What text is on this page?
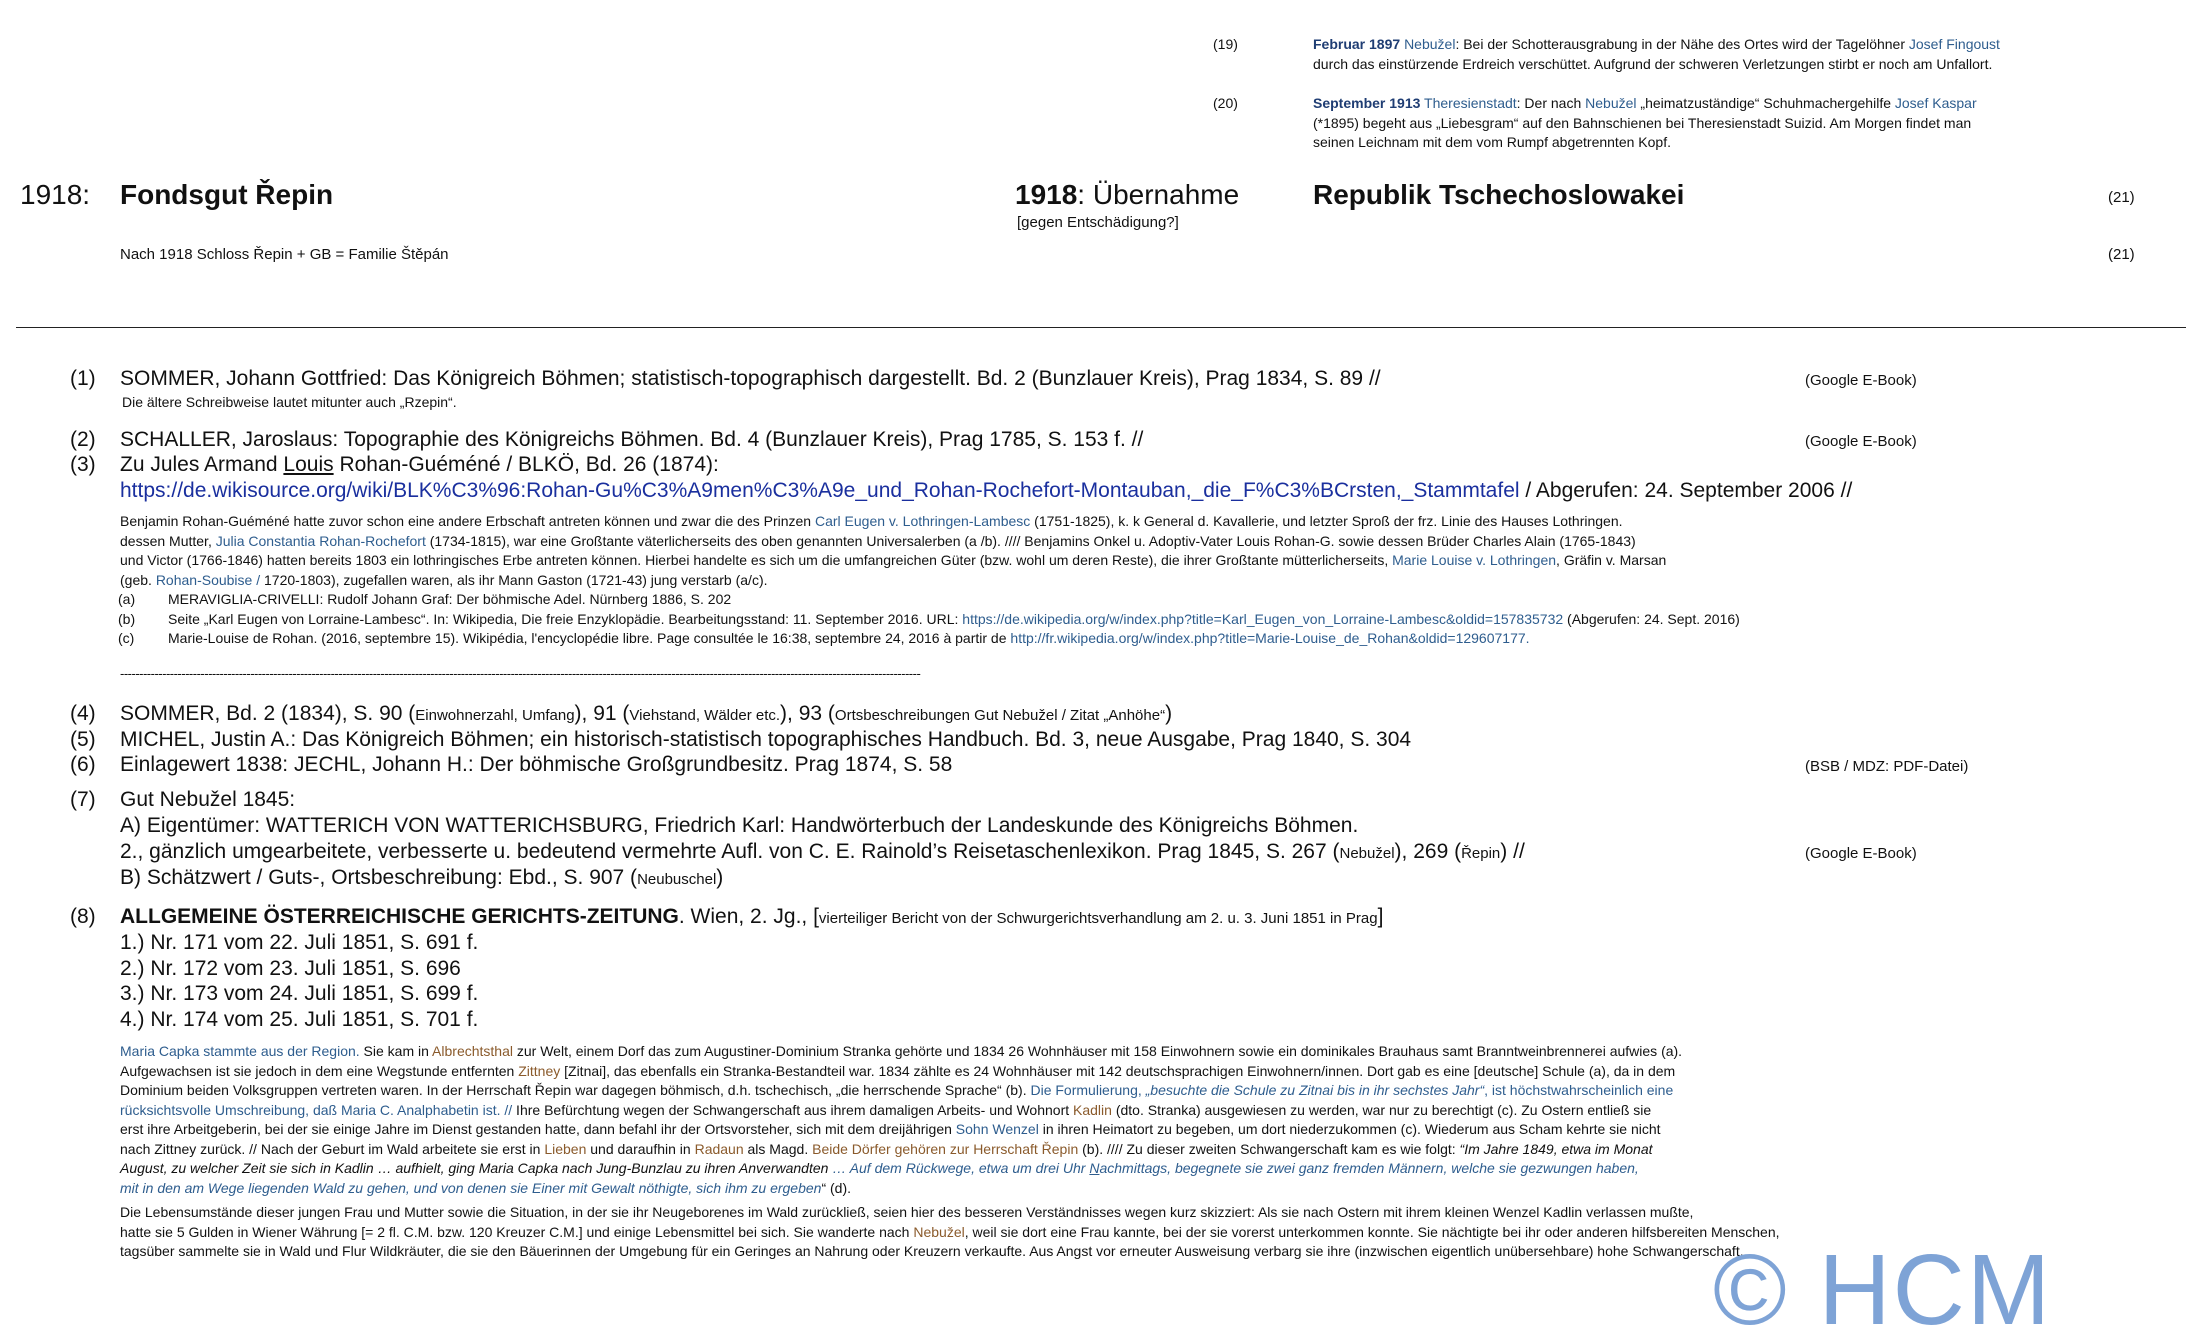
(19)	Februar 1897 Nebužel: Bei der Schotterausgrabung in der Nähe des Ortes wird der Tagelöhner Josef Fingoust
durch das einstürzende Erdreich verschüttet. Aufgrund der schweren Verletzungen stirbt er noch am Unfallort.
(20)	September 1913 Theresienstadt: Der nach Nebužel „heimatzuständige“ Schuhmachergehilfe Josef Kaspar
(*1895) begeht aus „Liebesgram“ auf den Bahnschienen bei Theresienstadt Suizid. Am Morgen findet man
seinen Leichnam mit dem vom Rumpf abgetrennten Kopf.
1918: Fondsgut Řepin	1918: Übernahme
[gegen Entschädigung?]
Republik Tschechoslowakei	(21)
Nach 1918 Schloss Řepin + GB = Familie Štěpán	(21)
(1) SOMMER, Johann Gottfried: Das Königreich Böhmen; statistisch-topographisch dargestellt. Bd. 2 (Bunzlauer Kreis), Prag 1834, S. 89 //	(Google E-Book)
Die ältere Schreibweise lautet mitunter auch „Rzepin“.
(2) SCHALLER, Jaroslaus: Topographie des Königreichs Böhmen. Bd. 4 (Bunzlauer Kreis), Prag 1785, S. 153 f. //	(Google E-Book)
(3) Zu Jules Armand Louis Rohan-Guéméné / BLKÖ, Bd. 26 (1874):
https://de.wikisource.org/wiki/BLK%C3%96:Rohan-Gu%C3%A9men%C3%A9e_und_Rohan-Rochefort-Montauban,_die_F%C3%BCrsten,_Stammtafel / Abgerufen: 24. September 2006 //
Benjamin Rohan-Guéméné hatte zuvor schon eine andere Erbschaft antreten können und zwar die des Prinzen Carl Eugen v. Lothringen-Lambesc (1751-1825), k. k General d. Kavallerie, und letzter Sproß der frz. Linie des Hauses Lothringen.
dessen Mutter, Julia Constantia Rohan-Rochefort (1734-1815), war eine Großtante väterlicherseits des oben genannten Universalerben (a /b). //// Benjamins Onkel u. Adoptiv-Vater Louis Rohan-G. sowie dessen Brüder Charles Alain (1765-1843)
und Victor (1766-1846) hatten bereits 1803 ein lothringisches Erbe antreten können. Hierbei handelte es sich um die umfangreichen Güter (bzw. wohl um deren Reste), die ihrer Großtante mütterlicherseits, Marie Louise v. Lothringen, Gräfin v. Marsan
(geb. Rohan-Soubise / 1720-1803), zugefallen waren, als ihr Mann Gaston (1721-43) jung verstarb (a/c).
(a) MERAVIGLIA-CRIVELLI: Rudolf Johann Graf: Der böhmische Adel. Nürnberg 1886, S. 202
(b) Seite „Karl Eugen von Lorraine-Lambesc“. In: Wikipedia, Die freie Enzyklopädie. Bearbeitungsstand: 11. September 2016. URL: https://de.wikipedia.org/w/index.php?title=Karl_Eugen_von_Lorraine-Lambesc&oldid=157835732 (Abgerufen: 24. Sept. 2016)
(c) Marie-Louise de Rohan. (2016, septembre 15). Wikipédia, l'encyclopédie libre. Page consultée le 16:38, septembre 24, 2016 à partir de http://fr.wikipedia.org/w/index.php?title=Marie-Louise_de_Rohan&oldid=129607177.
-----------------------------------------------------------------------------------------------------------------------------------------------------------------------------------------------------------------
(4) SOMMER, Bd. 2 (1834), S. 90 (Einwohnerzahl, Umfang), 91 (Viehstand, Wälder etc.), 93 (Ortsbeschreibungen Gut Nebužel / Zitat „Anhöhe“)
(5) MICHEL, Justin A.: Das Königreich Böhmen; ein historisch-statistisch topographisches Handbuch. Bd. 3, neue Ausgabe, Prag 1840, S. 304
(6) Einlagewert 1838: JECHL, Johann H.: Der böhmische Großgrundbesitz. Prag 1874, S. 58	(BSB / MDZ: PDF-Datei)
(7) Gut Nebužel 1845:
A) Eigentümer: WATTERICH VON WATTERICHSBURG, Friedrich Karl: Handwörterbuch der Landeskunde des Königreichs Böhmen.
2., gänzlich umgearbeitete, verbesserte u. bedeutend vermehrte Aufl. von C. E. Rainold’s Reisetaschenlexikon. Prag 1845, S. 267 (Nebužel), 269 (Řepin) //	(Google E-Book)
B) Schätzwert / Guts-, Ortsbeschreibung: Ebd., S. 907 (Neubuschel)
(8) ALLGEMEINE ÖSTERREICHISCHE GERICHTS-ZEITUNG. Wien, 2. Jg., [vierteiliger Bericht von der Schwurgerichtsverhandlung am 2. u. 3. Juni 1851 in Prag]
1.) Nr. 171 vom 22. Juli 1851, S. 691 f.
2.) Nr. 172 vom 23. Juli 1851, S. 696
3.) Nr. 173 vom 24. Juli 1851, S. 699 f.
4.) Nr. 174 vom 25. Juli 1851, S. 701 f.
Maria Capka stammte aus der Region. Sie kam in Albrechtsthal zur Welt, einem Dorf das zum Augustiner-Dominium Stranka gehörte und 1834 26 Wohnhäuser mit 158 Einwohnern sowie ein dominikales Brauhaus samt Branntweinbrennerei aufwies (a).
Aufgewachsen ist sie jedoch in dem eine Wegstunde entfernten Zittney [Zitnai], das ebenfalls ein Stranka-Bestandteil war. 1834 zählte es 24 Wohnhäuser mit 142 deutschsprachigen Einwohnern/innen. Dort gab es eine [deutsche] Schule (a), da in dem
Dominium beiden Volksgruppen vertreten waren. In der Herrschaft Řepin war dagegen böhmisch, d.h. tschechisch, „die herrschende Sprache“ (b). Die Formulierung, „besuchte die Schule zu Zitnai bis in ihr sechstes Jahr“, ist höchstwahrscheinlich eine
rücksichtsvolle Umschreibung, daß Maria C. Analphabetin ist. // Ihre Befürchtung wegen der Schwangerschaft aus ihrem damaligen Arbeits- und Wohnort Kadlin (dto. Stranka) ausgewiesen zu werden, war nur zu berechtigt (c). Zu Ostern entließ sie
erst ihre Arbeitgeberin, bei der sie einige Jahre im Dienst gestanden hatte, dann befahl ihr der Ortsvorsteher, sich mit dem dreijährigen Sohn Wenzel in ihren Heimatort zu begeben, um dort niederzukommen (c). Wiederum aus Scham kehrte sie nicht
nach Zittney zurück. // Nach der Geburt im Wald arbeitete sie erst in Lieben und daraufhin in Radaun als Magd. Beide Dörfer gehören zur Herrschaft Řepin (b). //// Zu dieser zweiten Schwangerschaft kam es wie folgt: “Im Jahre 1849, etwa im Monat
August, zu welcher Zeit sie sich in Kadlin … aufhielt, ging Maria Capka nach Jung-Bunzlau zu ihren Anverwandten … Auf dem Rückwege, etwa um drei Uhr Nachmittags, begegnete sie zwei ganz fremden Männern, welche sie gezwungen haben,
mit in den am Wege liegenden Wald zu gehen, und von denen sie Einer mit Gewalt nöthigte, sich ihm zu ergeben“ (d).
Die Lebensumstände dieser jungen Frau und Mutter sowie die Situation, in der sie ihr Neugeborenes im Wald zurückließ, seien hier des besseren Verständnisses wegen kurz skizziert: Als sie nach Ostern mit ihrem kleinen Wenzel Kadlin verlassen mußte,
hatte sie 5 Gulden in Wiener Währung [= 2 fl. C.M. bzw. 120 Kreuzer C.M.] und einige Lebensmittel bei sich. Sie wanderte nach Nebužel, weil sie dort eine Frau kannte, bei der sie vorerst unterkommen konnte. Sie nächtigte bei ihr oder anderen hilfsbereiten Menschen,
tagsüber sammelte sie in Wald und Flur Wildkräuter, die sie den Bäuerinnen der Umgebung für ein Geringes an Nahrung oder Kreuzern verkaufte. Aus Angst vor erneuter Ausweisung verbarg sie ihre (inzwischen eigentlich unübersehbare) hohe Schwangerschaft.
© HCM
